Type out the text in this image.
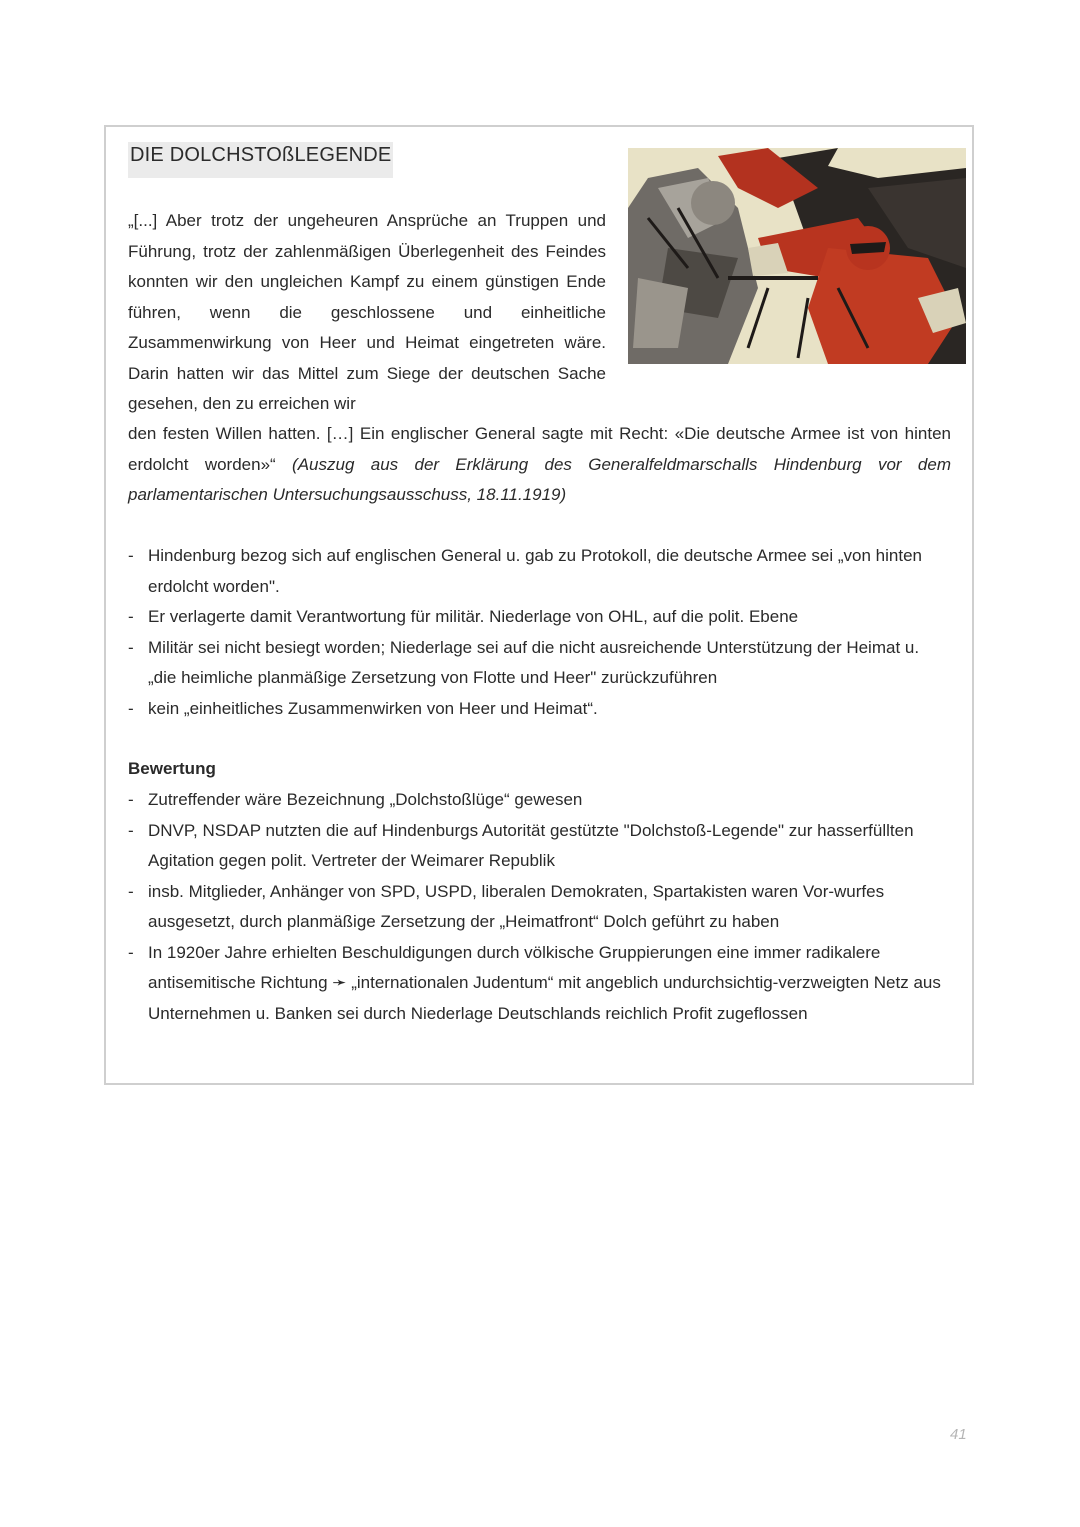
DIE DOLCHSTOßLEGENDE

„[...] Aber trotz der ungeheuren Ansprüche an Truppen und Führung, trotz der zahlenmäßigen Überlegenheit des Feindes konnten wir den ungleichen Kampf zu einem günstigen Ende führen, wenn die geschlossene und einheitliche Zusammenwirkung von Heer und Heimat eingetreten wäre. Darin hatten wir das Mittel zum Siege der deutschen Sache gesehen, den zu erreichen wir

den festen Willen hatten. […] Ein englischer General sagte mit Recht: «Die deutsche Armee ist von hinten erdolcht worden»“ (Auszug aus der Erklärung des Generalfeldmarschalls Hindenburg vor dem parlamentarischen Untersuchungsausschuss, 18.11.1919)

- Hindenburg bezog sich auf englischen General u. gab zu Protokoll, die deutsche Armee sei „von hinten erdolcht worden".
- Er verlagerte damit Verantwortung für militär. Niederlage von OHL, auf die polit. Ebene
- Militär sei nicht besiegt worden; Niederlage sei auf die nicht ausreichende Unterstützung der Heimat u. „die heimliche planmäßige Zersetzung von Flotte und Heer" zurückzuführen
- kein „einheitliches Zusammenwirken von Heer und Heimat“.

Bewertung

- Zutreffender wäre Bezeichnung „Dolchstoßlüge“ gewesen
- DNVP, NSDAP nutzten die auf Hindenburgs Autorität gestützte "Dolchstoß-Legende" zur hasserfüllten Agitation gegen polit. Vertreter der Weimarer Republik
- insb. Mitglieder, Anhänger von SPD, USPD, liberalen Demokraten, Spartakisten waren Vor-wurfes ausgesetzt, durch planmäßige Zersetzung der „Heimatfront“ Dolch geführt zu haben
- In 1920er Jahre erhielten Beschuldigungen durch völkische Gruppierungen eine immer radikalere antisemitische Richtung ➛ „internationalen Judentum“ mit angeblich undurchsichtig-verzweigten Netz aus Unternehmen u. Banken sei durch Niederlage Deutschlands reichlich Profit zugeflossen
41
